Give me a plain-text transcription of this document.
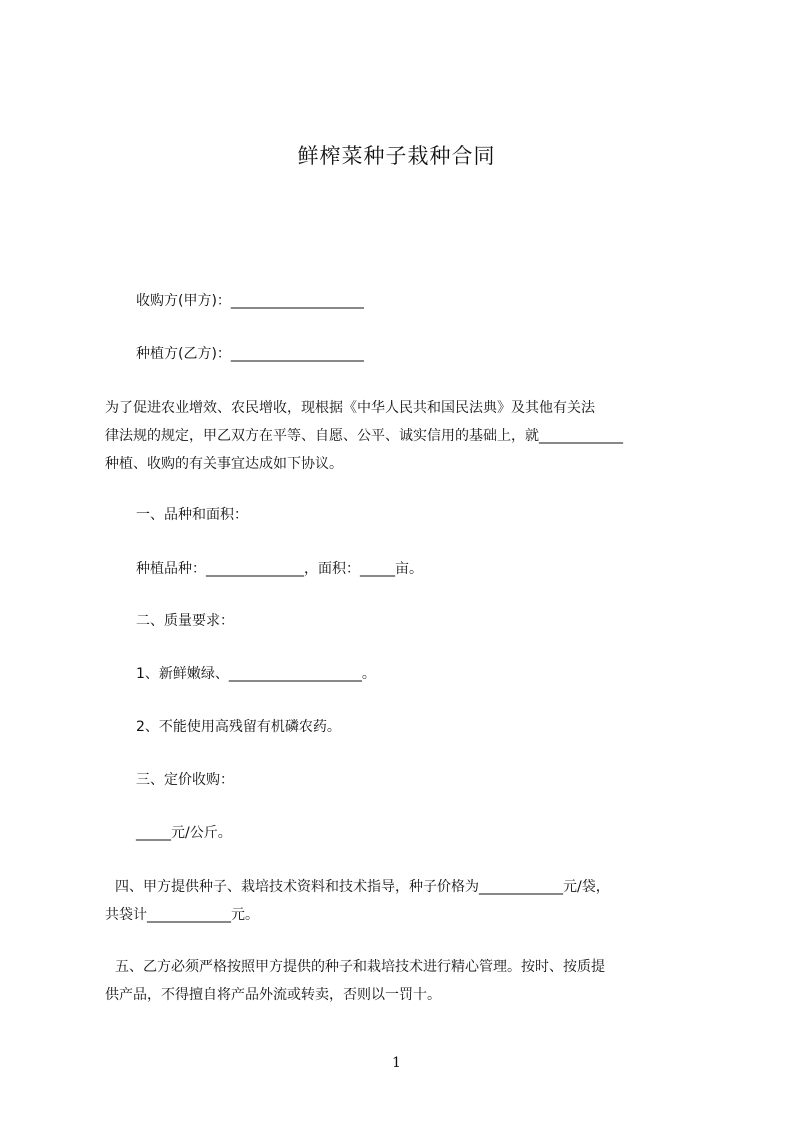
鲜榨菜种子栽种合同
收购方(甲方)：___________________
种植方(乙方)：___________________
为了促进农业增效、农民增收，现根据《中华人民共和国民法典》及其他有关法
律法规的规定，甲乙双方在平等、自愿、公平、诚实信用的基础上，就____________
种植、收购的有关事宜达成如下协议。
一、品种和面积：
种植品种：______________，面积：_____亩。
二、质量要求：
1、新鲜嫩绿、___________________。
2、不能使用高残留有机磷农药。
三、定价收购：
_____元/公斤。
四、甲方提供种子、栽培技术资料和技术指导，种子价格为____________元/袋，
共袋计____________元。
五、乙方必须严格按照甲方提供的种子和栽培技术进行精心管理。按时、按质提
供产品，不得擅自将产品外流或转卖，否则以一罚十。
1
